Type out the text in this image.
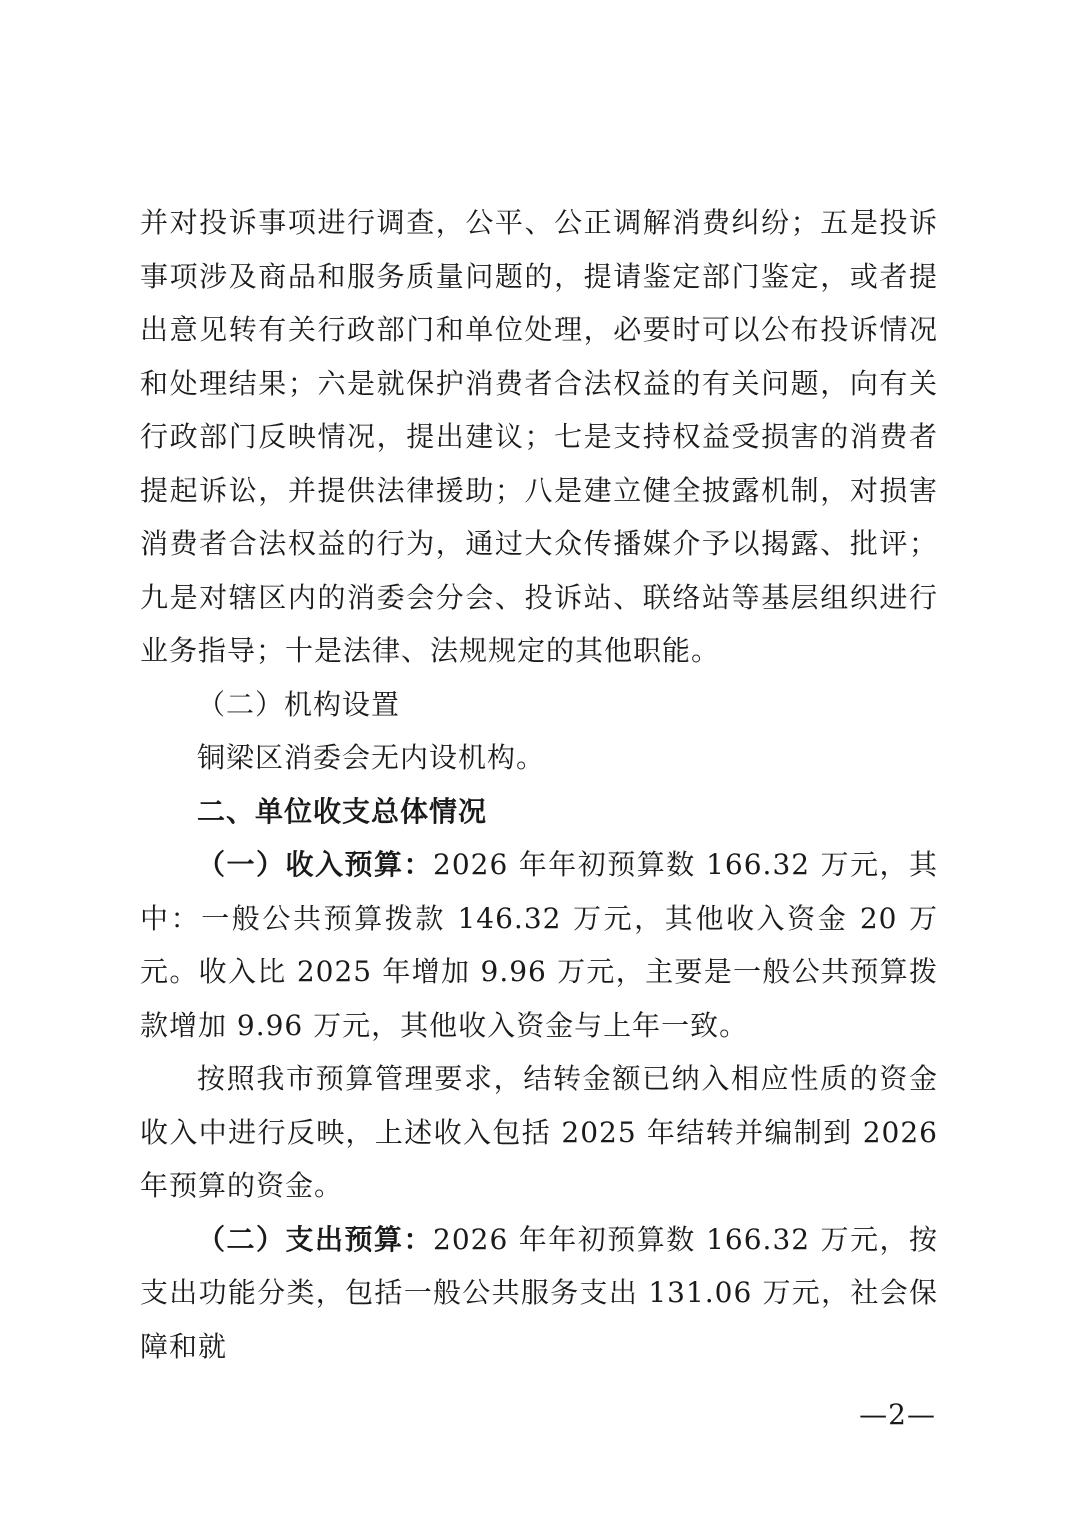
并对投诉事项进行调查，公平、公正调解消费纠纷；五是投诉事项涉及商品和服务质量问题的，提请鉴定部门鉴定，或者提出意见转有关行政部门和单位处理，必要时可以公布投诉情况和处理结果；六是就保护消费者合法权益的有关问题，向有关行政部门反映情况，提出建议；七是支持权益受损害的消费者提起诉讼，并提供法律援助；八是建立健全披露机制，对损害消费者合法权益的行为，通过大众传播媒介予以揭露、批评；九是对辖区内的消委会分会、投诉站、联络站等基层组织进行业务指导；十是法律、法规规定的其他职能。

（二）机构设置

铜梁区消委会无内设机构。

二、单位收支总体情况

（一）收入预算：2026 年年初预算数 166.32 万元，其中：一般公共预算拨款 146.32 万元，其他收入资金 20 万元。收入比 2025 年增加 9.96 万元，主要是一般公共预算拨款增加 9.96 万元，其他收入资金与上年一致。

按照我市预算管理要求，结转金额已纳入相应性质的资金收入中进行反映，上述收入包括 2025 年结转并编制到 2026 年预算的资金。

（二）支出预算：2026 年年初预算数 166.32 万元，按支出功能分类，包括一般公共服务支出 131.06 万元，社会保障和就

—2—
